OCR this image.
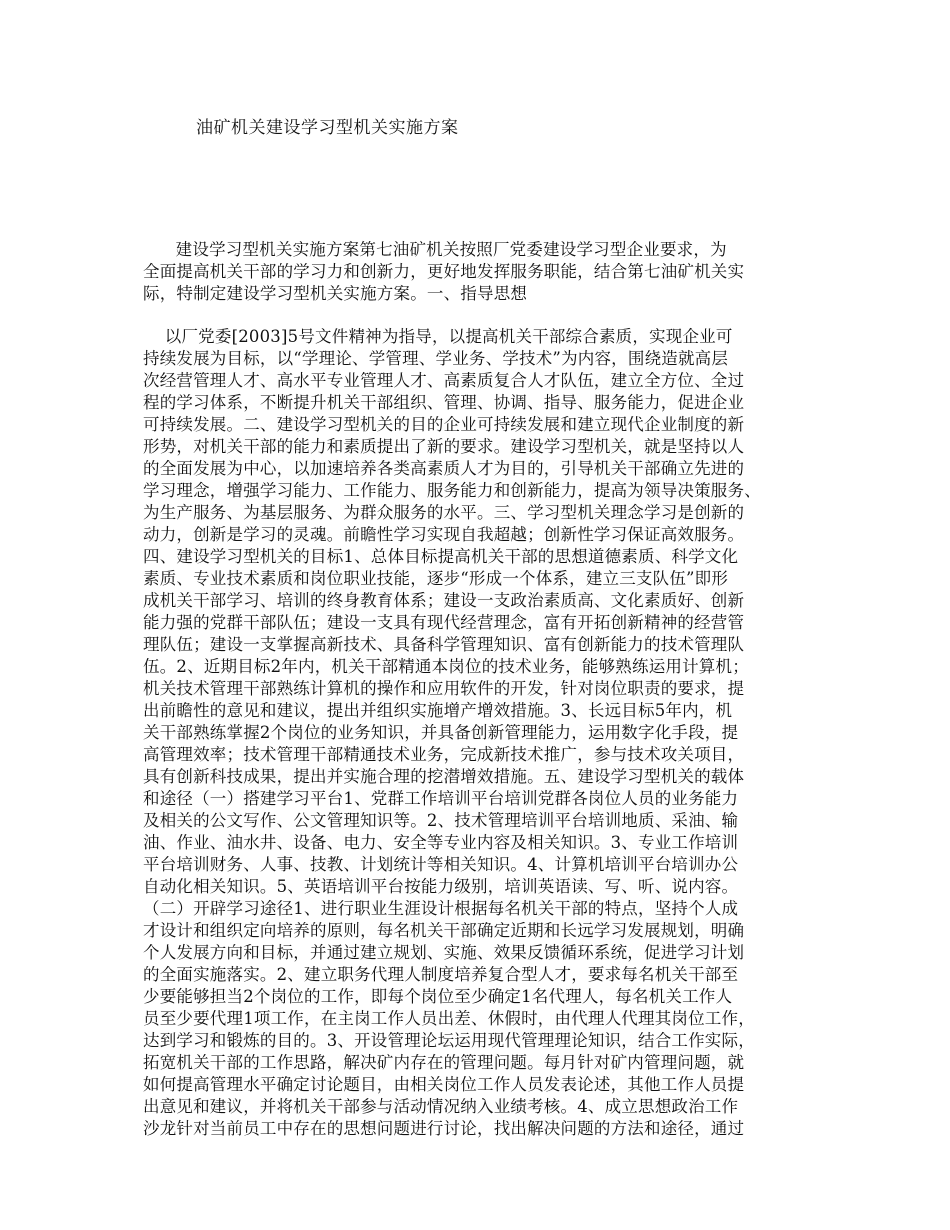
油矿机关建设学习型机关实施方案
建设学习型机关实施方案第七油矿机关按照厂党委建设学习型企业要求，为
全面提高机关干部的学习力和创新力，更好地发挥服务职能，结合第七油矿机关实
际，特制定建设学习型机关实施方案。一、指导思想
以厂党委[2003]5号文件精神为指导，以提高机关干部综合素质，实现企业可
持续发展为目标，以“学理论、学管理、学业务、学技术”为内容，围绕造就高层
次经营管理人才、高水平专业管理人才、高素质复合人才队伍，建立全方位、全过
程的学习体系，不断提升机关干部组织、管理、协调、指导、服务能力，促进企业
可持续发展。二、建设学习型机关的目的企业可持续发展和建立现代企业制度的新
形势，对机关干部的能力和素质提出了新的要求。建设学习型机关，就是坚持以人
的全面发展为中心，以加速培养各类高素质人才为目的，引导机关干部确立先进的
学习理念，增强学习能力、工作能力、服务能力和创新能力，提高为领导决策服务、
为生产服务、为基层服务、为群众服务的水平。三、学习型机关理念学习是创新的
动力，创新是学习的灵魂。前瞻性学习实现自我超越；创新性学习保证高效服务。
四、建设学习型机关的目标1、总体目标提高机关干部的思想道德素质、科学文化
素质、专业技术素质和岗位职业技能，逐步“形成一个体系，建立三支队伍”即形
成机关干部学习、培训的终身教育体系；建设一支政治素质高、文化素质好、创新
能力强的党群干部队伍；建设一支具有现代经营理念，富有开拓创新精神的经营管
理队伍；建设一支掌握高新技术、具备科学管理知识、富有创新能力的技术管理队
伍。2、近期目标2年内，机关干部精通本岗位的技术业务，能够熟练运用计算机；
机关技术管理干部熟练计算机的操作和应用软件的开发，针对岗位职责的要求，提
出前瞻性的意见和建议，提出并组织实施增产增效措施。3、长远目标5年内，机
关干部熟练掌握2个岗位的业务知识，并具备创新管理能力，运用数字化手段，提
高管理效率；技术管理干部精通技术业务，完成新技术推广，参与技术攻关项目，
具有创新科技成果，提出并实施合理的挖潜增效措施。五、建设学习型机关的载体
和途径（一）搭建学习平台1、党群工作培训平台培训党群各岗位人员的业务能力
及相关的公文写作、公文管理知识等。2、技术管理培训平台培训地质、采油、输
油、作业、油水井、设备、电力、安全等专业内容及相关知识。3、专业工作培训
平台培训财务、人事、技教、计划统计等相关知识。4、计算机培训平台培训办公
自动化相关知识。5、英语培训平台按能力级别，培训英语读、写、听、说内容。
（二）开辟学习途径1、进行职业生涯设计根据每名机关干部的特点，坚持个人成
才设计和组织定向培养的原则，每名机关干部确定近期和长远学习发展规划，明确
个人发展方向和目标，并通过建立规划、实施、效果反馈循环系统，促进学习计划
的全面实施落实。2、建立职务代理人制度培养复合型人才，要求每名机关干部至
少要能够担当2个岗位的工作，即每个岗位至少确定1名代理人，每名机关工作人
员至少要代理1项工作，在主岗工作人员出差、休假时，由代理人代理其岗位工作，
达到学习和锻炼的目的。3、开设管理论坛运用现代管理理论知识，结合工作实际，
拓宽机关干部的工作思路，解决矿内存在的管理问题。每月针对矿内管理问题，就
如何提高管理水平确定讨论题目，由相关岗位工作人员发表论述，其他工作人员提
出意见和建议，并将机关干部参与活动情况纳入业绩考核。4、成立思想政治工作
沙龙针对当前员工中存在的思想问题进行讨论，找出解决问题的方法和途径，通过
